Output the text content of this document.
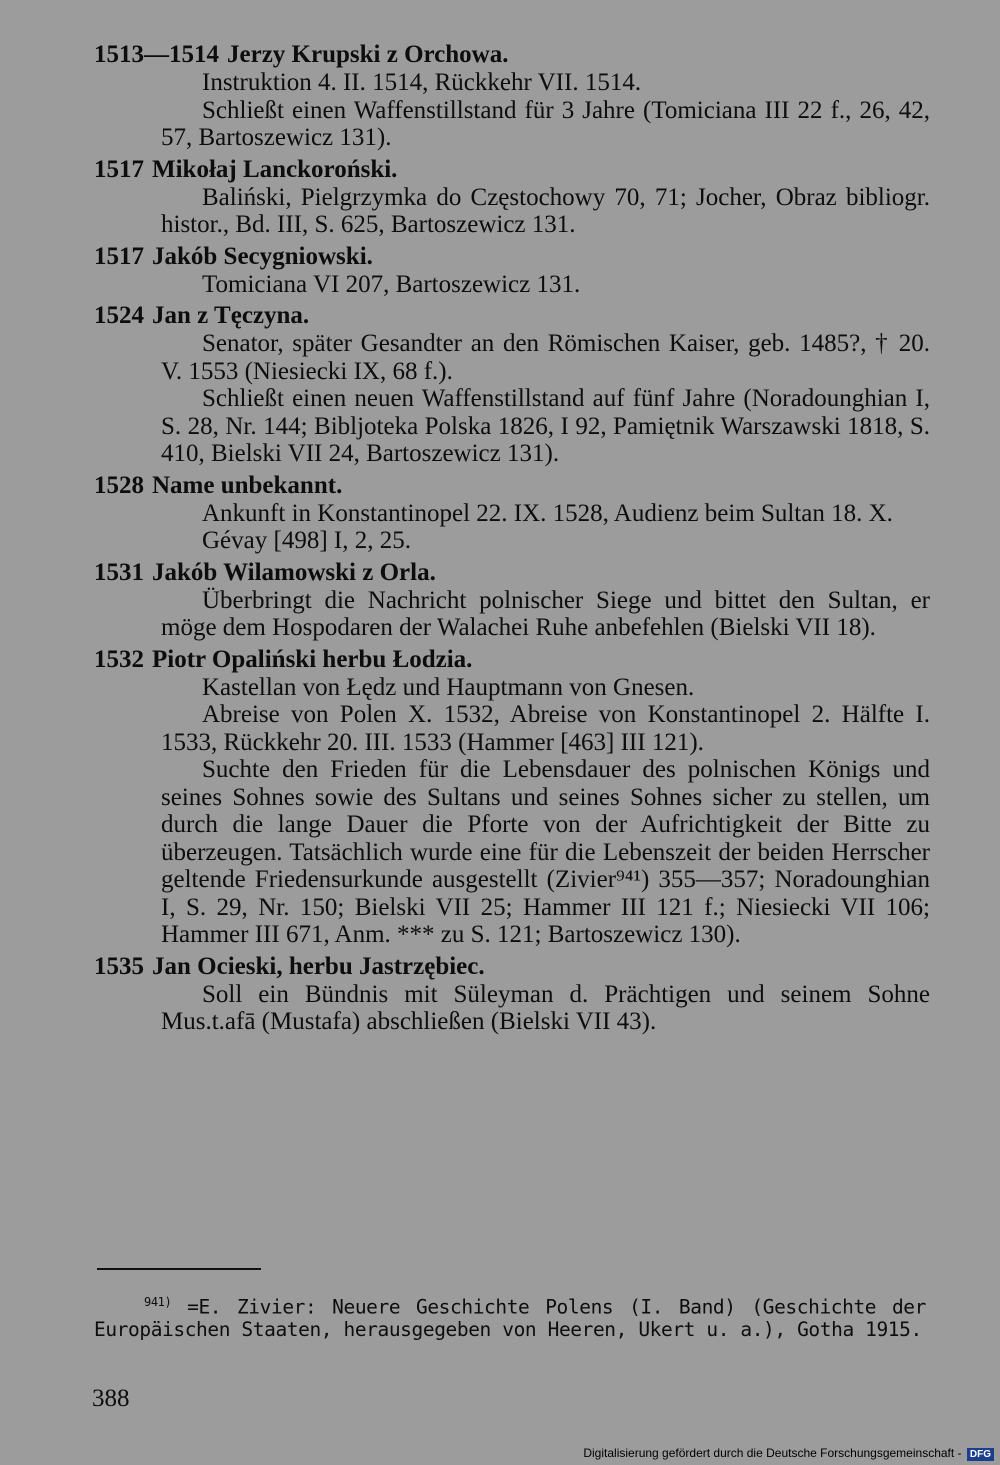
1513—1514 Jerzy Krupski z Orchowa.
Instruktion 4. II. 1514, Rückkehr VII. 1514.
Schließt einen Waffenstillstand für 3 Jahre (Tomiciana III 22 f., 26, 42, 57, Bartoszewicz 131).
1517 Mikołaj Lanckoroński.
Baliński, Pielgrzymka do Częstochowy 70, 71; Jocher, Obraz bibliogr. histor., Bd. III, S. 625, Bartoszewicz 131.
1517 Jakób Secygniowski.
Tomiciana VI 207, Bartoszewicz 131.
1524 Jan z Tęczyna.
Senator, später Gesandter an den Römischen Kaiser, geb. 1485?, † 20. V. 1553 (Niesiecki IX, 68 f.).
Schließt einen neuen Waffenstillstand auf fünf Jahre (Noradounghian I, S. 28, Nr. 144; Bibljoteka Polska 1826, I 92, Pamiętnik Warszawski 1818, S. 410, Bielski VII 24, Bartoszewicz 131).
1528 Name unbekannt.
Ankunft in Konstantinopel 22. IX. 1528, Audienz beim Sultan 18. X.
Gévay [498] I, 2, 25.
1531 Jakób Wilamowski z Orla.
Überbringt die Nachricht polnischer Siege und bittet den Sultan, er möge dem Hospodaren der Walachei Ruhe anbefehlen (Bielski VII 18).
1532 Piotr Opaliński herbu Łodzia.
Kastellan von Łędz und Hauptmann von Gnesen.
Abreise von Polen X. 1532, Abreise von Konstantinopel 2. Hälfte I. 1533, Rückkehr 20. III. 1533 (Hammer [463] III 121).
Suchte den Frieden für die Lebensdauer des polnischen Königs und seines Sohnes sowie des Sultans und seines Sohnes sicher zu stellen, um durch die lange Dauer die Pforte von der Aufrichtigkeit der Bitte zu überzeugen. Tatsächlich wurde eine für die Lebenszeit der beiden Herrscher geltende Friedensurkunde ausgestellt (Zivier⁹⁴¹) 355—357; Noradounghian I, S. 29, Nr. 150; Bielski VII 25; Hammer III 121 f.; Niesiecki VII 106; Hammer III 671, Anm. *** zu S. 121; Bartoszewicz 130).
1535 Jan Ocieski, herbu Jastrzębiec.
Soll ein Bündnis mit Süleyman d. Prächtigen und seinem Sohne Mus.t.afā (Mustafa) abschließen (Bielski VII 43).
$^{941)}$ =E. Zivier: Neuere Geschichte Polens (I. Band) (Geschichte der Europäischen Staaten, herausgegeben von Heeren, Ukert u. a.), Gotha 1915.
388
Digitalisierung gefördert durch die Deutsche Forschungsgemeinschaft - DFG
